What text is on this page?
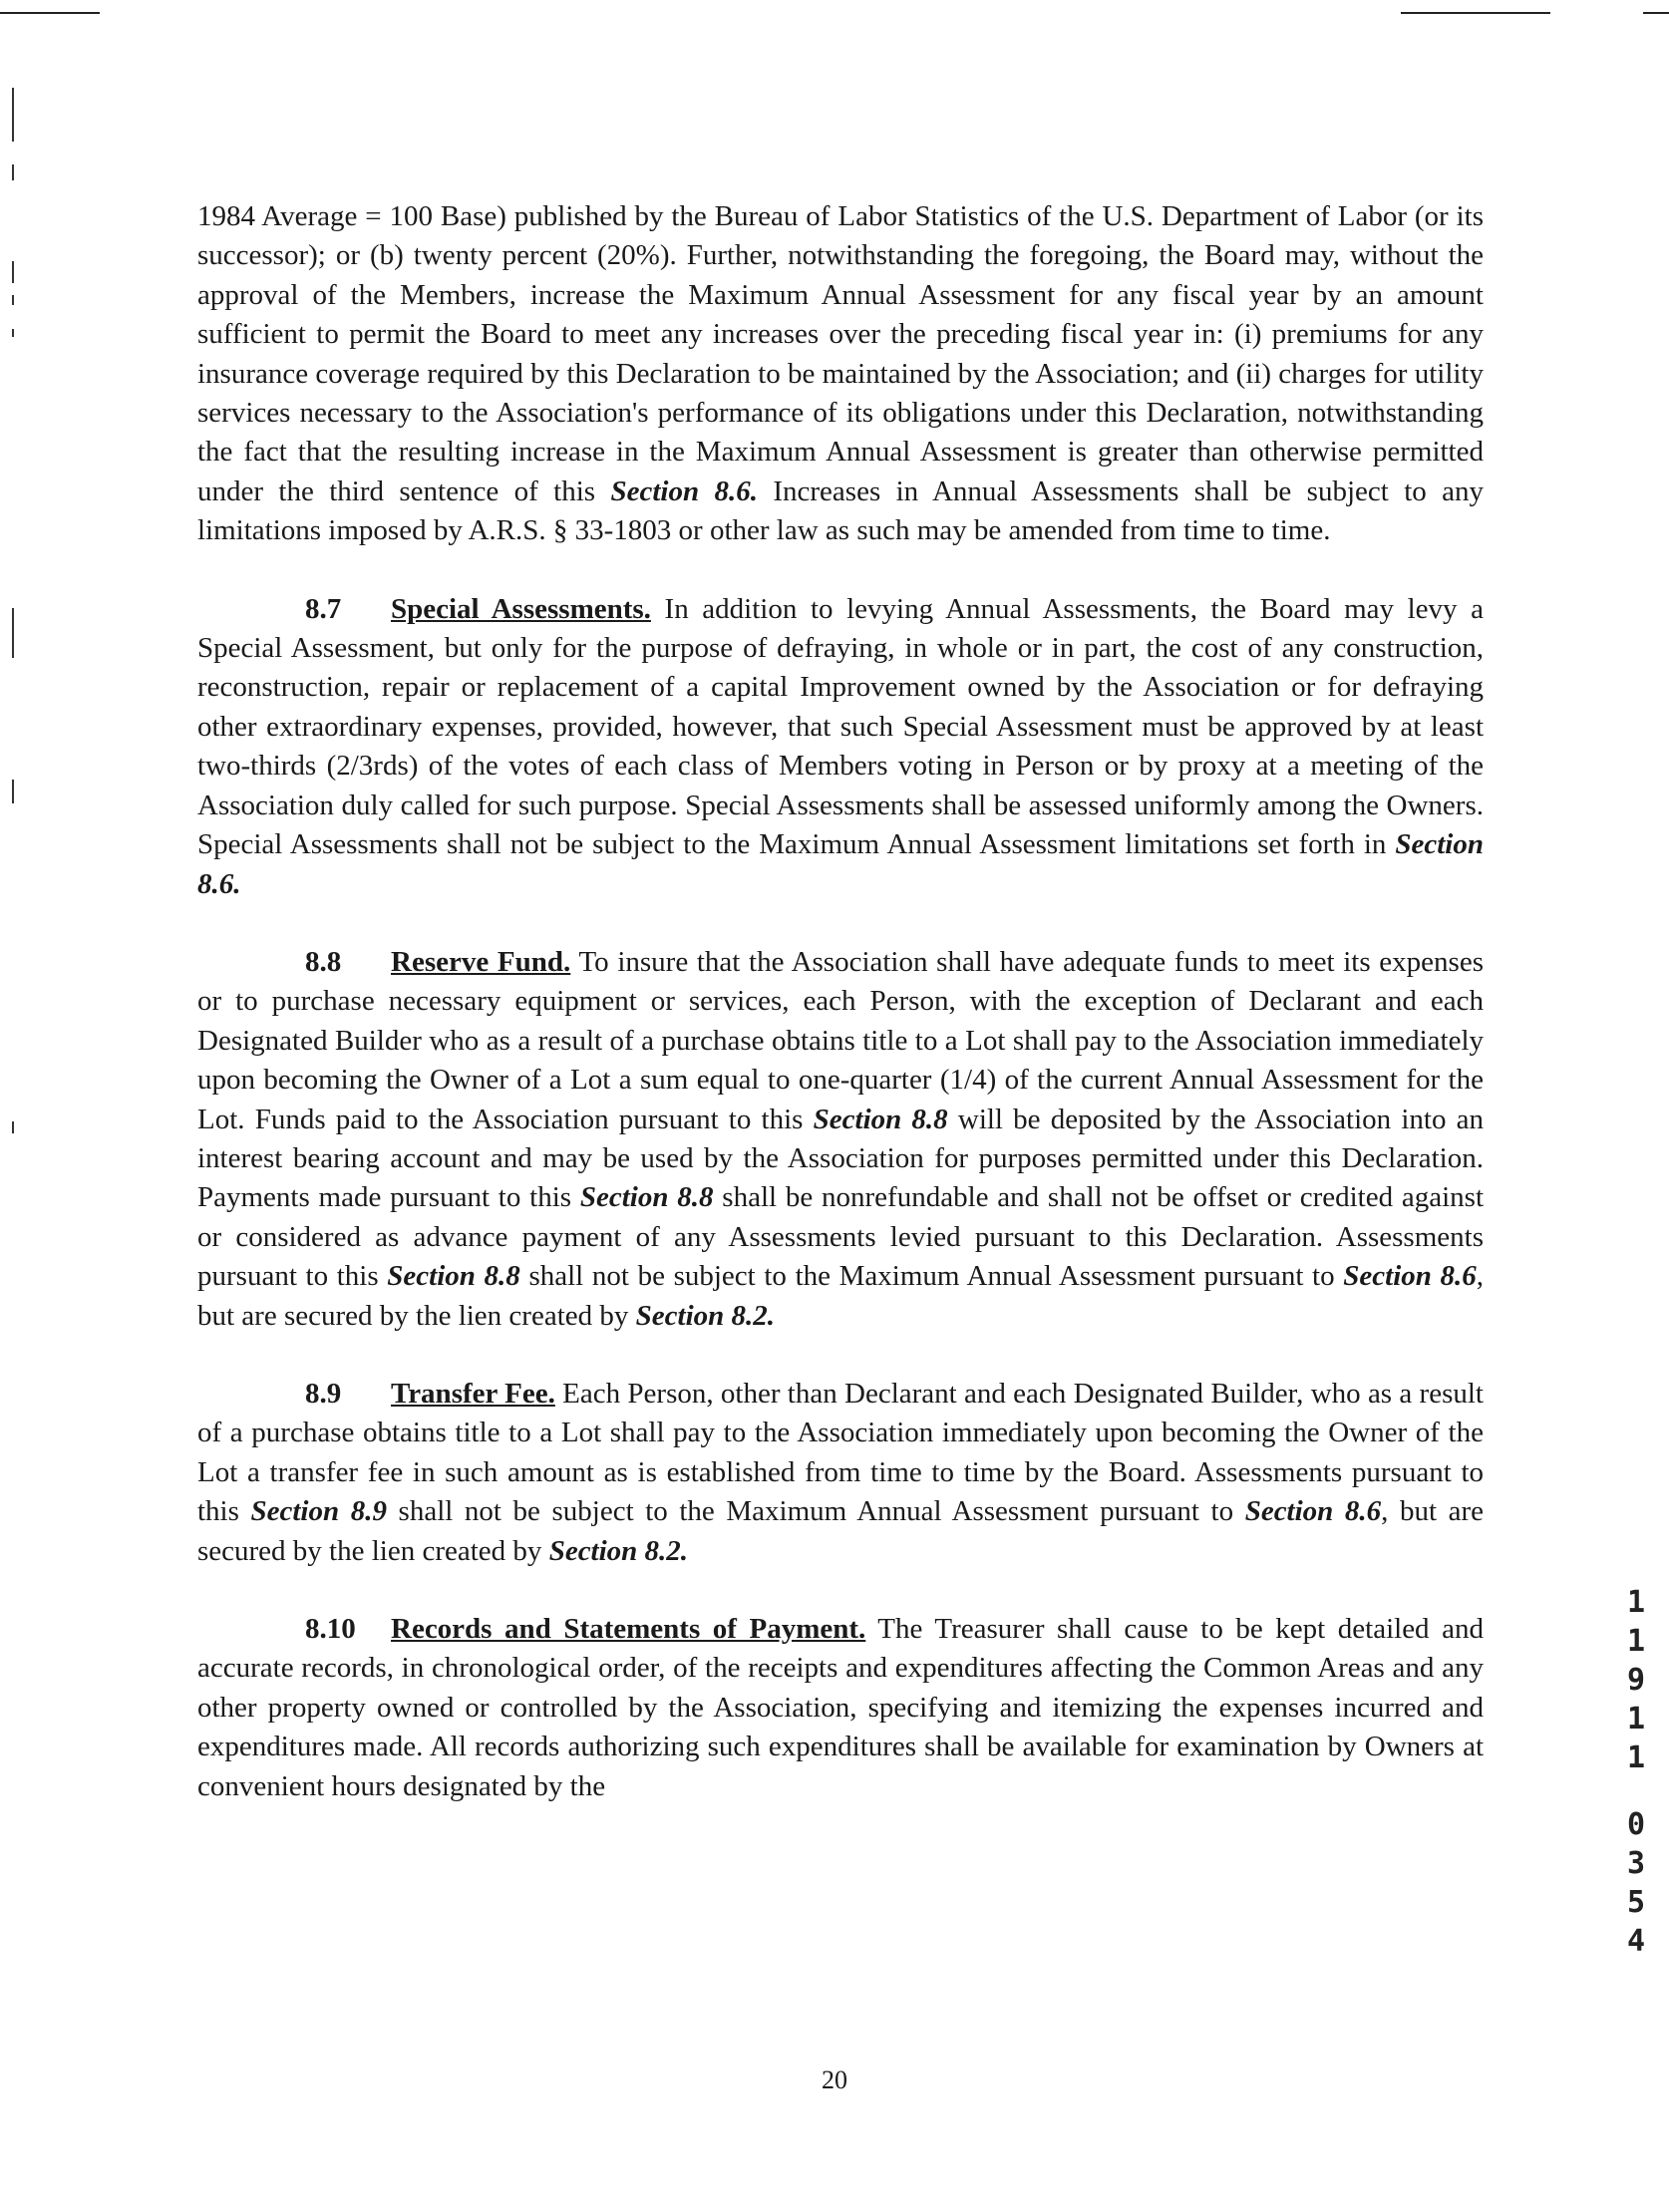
1984 Average = 100 Base) published by the Bureau of Labor Statistics of the U.S. Department of Labor (or its successor); or (b) twenty percent (20%). Further, notwithstanding the foregoing, the Board may, without the approval of the Members, increase the Maximum Annual Assessment for any fiscal year by an amount sufficient to permit the Board to meet any increases over the preceding fiscal year in: (i) premiums for any insurance coverage required by this Declaration to be maintained by the Association; and (ii) charges for utility services necessary to the Association's performance of its obligations under this Declaration, notwithstanding the fact that the resulting increase in the Maximum Annual Assessment is greater than otherwise permitted under the third sentence of this Section 8.6. Increases in Annual Assessments shall be subject to any limitations imposed by A.R.S. § 33-1803 or other law as such may be amended from time to time.

8.7 Special Assessments. In addition to levying Annual Assessments, the Board may levy a Special Assessment, but only for the purpose of defraying, in whole or in part, the cost of any construction, reconstruction, repair or replacement of a capital Improvement owned by the Association or for defraying other extraordinary expenses, provided, however, that such Special Assessment must be approved by at least two-thirds (2/3rds) of the votes of each class of Members voting in Person or by proxy at a meeting of the Association duly called for such purpose. Special Assessments shall be assessed uniformly among the Owners. Special Assessments shall not be subject to the Maximum Annual Assessment limitations set forth in Section 8.6.

8.8 Reserve Fund. To insure that the Association shall have adequate funds to meet its expenses or to purchase necessary equipment or services, each Person, with the exception of Declarant and each Designated Builder who as a result of a purchase obtains title to a Lot shall pay to the Association immediately upon becoming the Owner of a Lot a sum equal to one-quarter (1/4) of the current Annual Assessment for the Lot. Funds paid to the Association pursuant to this Section 8.8 will be deposited by the Association into an interest bearing account and may be used by the Association for purposes permitted under this Declaration. Payments made pursuant to this Section 8.8 shall be nonrefundable and shall not be offset or credited against or considered as advance payment of any Assessments levied pursuant to this Declaration. Assessments pursuant to this Section 8.8 shall not be subject to the Maximum Annual Assessment pursuant to Section 8.6, but are secured by the lien created by Section 8.2.

8.9 Transfer Fee. Each Person, other than Declarant and each Designated Builder, who as a result of a purchase obtains title to a Lot shall pay to the Association immediately upon becoming the Owner of the Lot a transfer fee in such amount as is established from time to time by the Board. Assessments pursuant to this Section 8.9 shall not be subject to the Maximum Annual Assessment pursuant to Section 8.6, but are secured by the lien created by Section 8.2.

8.10 Records and Statements of Payment. The Treasurer shall cause to be kept detailed and accurate records, in chronological order, of the receipts and expenditures affecting the Common Areas and any other property owned or controlled by the Association, specifying and itemizing the expenses incurred and expenditures made. All records authorizing such expenditures shall be available for examination by Owners at convenient hours designated by the

20
1
1
9
1
1
0
3
5
4
